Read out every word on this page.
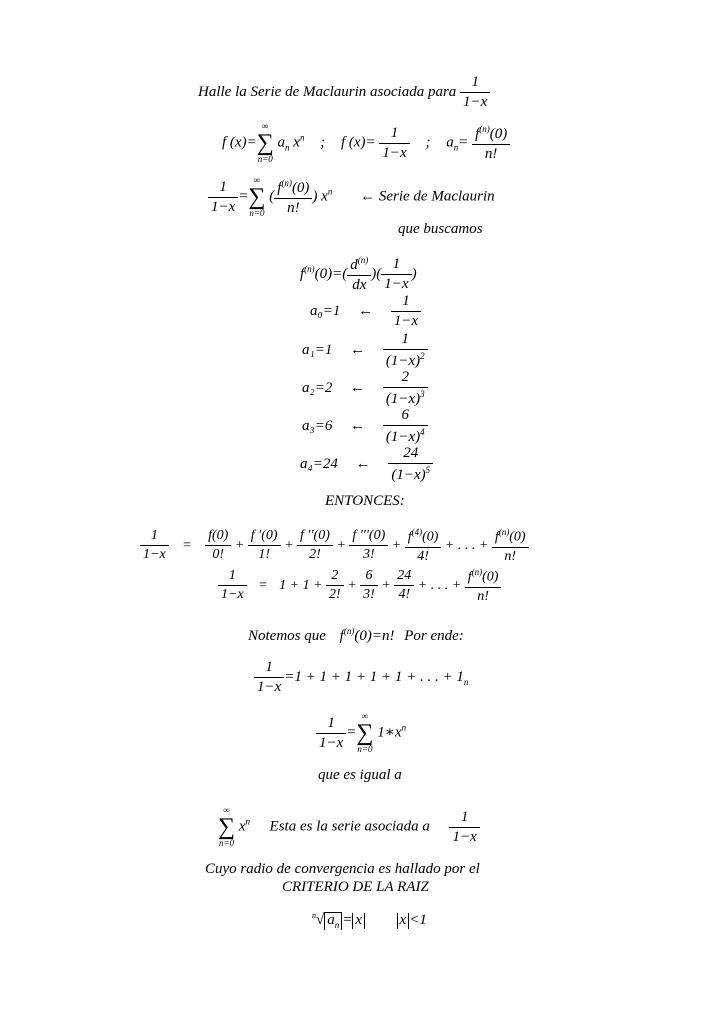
Halle la Serie de Maclaurin asociada para $\frac{1}{1-x}$
f (x)=
∞
∑
n=0
$a_n$ $x^n$ ; f $(x)= \frac{1}{1-x}$ ; $a_n= \frac{f^{(n)}(0)}{n!}$
$\frac{1}{1-x}$ =
∞
∑
n=0
( $\frac{f^{(n)}(0)}{n!}$ ) $x^n$ ← Serie de Maclaurin
que buscamos
$f^{(n)}(0)=( \frac{d^{(n)}}{dx}$ )( $\frac{1}{1-x}$ )
a₀=1 ← $\frac{1}{1-x}$
a₁=1 ← $\frac{1}{(1-x)^2}$
a₂=2 ← $\frac{2}{(1-x)^3}$
a₃=6 ← $\frac{6}{(1-x)^4}$
a₄=24 ← $\frac{24}{(1-x)^5}$
ENTONCES:
$\frac{1}{1-x} = \frac{f(0)}{0!} + \frac{f '(0)}{1!} + \frac{f ''(0)}{2!} + \frac{f '''(0)}{3!} + \frac{f^{(4)}(0)}{4!}$ + . . . + $\frac{f^{(n)}(0)}{n!}$
$\frac{1}{1-x} = 1 + 1 + \frac{2}{2!} + \frac{6}{3!} + \frac{24}{4!}$ + . . . + $\frac{f^{(n)}(0)}{n!}$
Notemos que $f^{(n)}(0)=n$! Por ende:
$\frac{1}{1-x} =1 + 1 + 1 + 1 + 1$ + . . . + $1_n$
$\frac{1}{1-x}$ =
∞
∑
n=0
$1∗x^n$
que es igual a
∞
∑
n=0
$x^n$ Esta es la serie asociada a $\frac{1}{1-x}$
Cuyo radio de convergencia es hallado por el
CRITERIO DE LA RAIZ
$^n$√ $a_n = x$	x <1
